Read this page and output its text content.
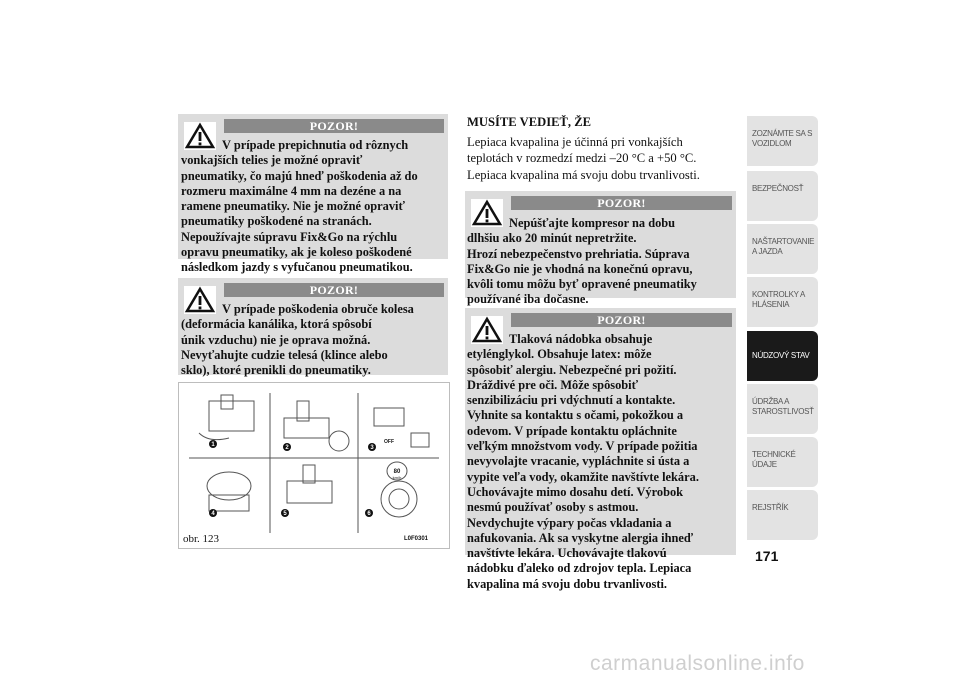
POZOR!

V prípade prepichnutia od rôznych
vonkajších telies je možné opraviť
pneumatiky, čo majú hneď poškodenia až do
rozmeru maximálne 4 mm na dezéne a na
ramene pneumatiky. Nie je možné opraviť
pneumatiky poškodené na stranách.
Nepoužívajte súpravu Fix&Go na rýchlu
opravu pneumatiky, ak je koleso poškodené
následkom jazdy s vyfučanou pneumatikou.

POZOR!

V prípade poškodenia obruče kolesa
(deformácia kanálika, ktorá spôsobí
únik vzduchu) nie je oprava možná.
Nevyťahujte cudzie telesá (klince alebo
sklo), ktoré prenikli do pneumatiky.

1	2	3
4	5	6
OFF
80
km/h
obr. 123	L0F0301

MUSÍTE VEDIEŤ, ŽE

Lepiaca kvapalina je účinná pri vonkajších
teplotách v rozmedzí medzi –20 °C a +50 °C.

Lepiaca kvapalina má svoju dobu trvanlivosti.

POZOR!

Nepúšťajte kompresor na dobu
dlhšiu ako 20 minút nepretržite.
Hrozí nebezpečenstvo prehriatia. Súprava
Fix&Go nie je vhodná na konečnú opravu,
kvôli tomu môžu byť opravené pneumatiky
používané iba dočasne.

POZOR!

Tlaková nádobka obsahuje
etylénglykol. Obsahuje latex: môže
spôsobiť alergiu. Nebezpečné pri požití.
Dráždivé pre oči. Môže spôsobiť
senzibilizáciu pri vdýchnutí a kontakte.
Vyhnite sa kontaktu s očami, pokožkou a
odevom. V prípade kontaktu opláchnite
veľkým množstvom vody. V prípade požitia
nevyvolajte vracanie, vypláchnite si ústa a
vypite veľa vody, okamžite navštívte lekára.
Uchovávajte mimo dosahu detí. Výrobok
nesmú používať osoby s astmou.
Nevdychujte výpary počas vkladania a
nafukovania. Ak sa vyskytne alergia ihneď
navštívte lekára. Uchovávajte tlakovú
nádobku ďaleko od zdrojov tepla. Lepiaca
kvapalina má svoju dobu trvanlivosti.

ZOZNÁMTE SA S
VOZIDLOM
BEZPEČNOSŤ
NAŠTARTOVANIE
A JAZDA
KONTROLKY A
HLÁSENIA
NÚDZOVÝ STAV
ÚDRŽBA A
STAROSTLIVOSŤ
TECHNICKÉ
ÚDAJE
REJSTŘÍK
171
carmanualsonline.info
